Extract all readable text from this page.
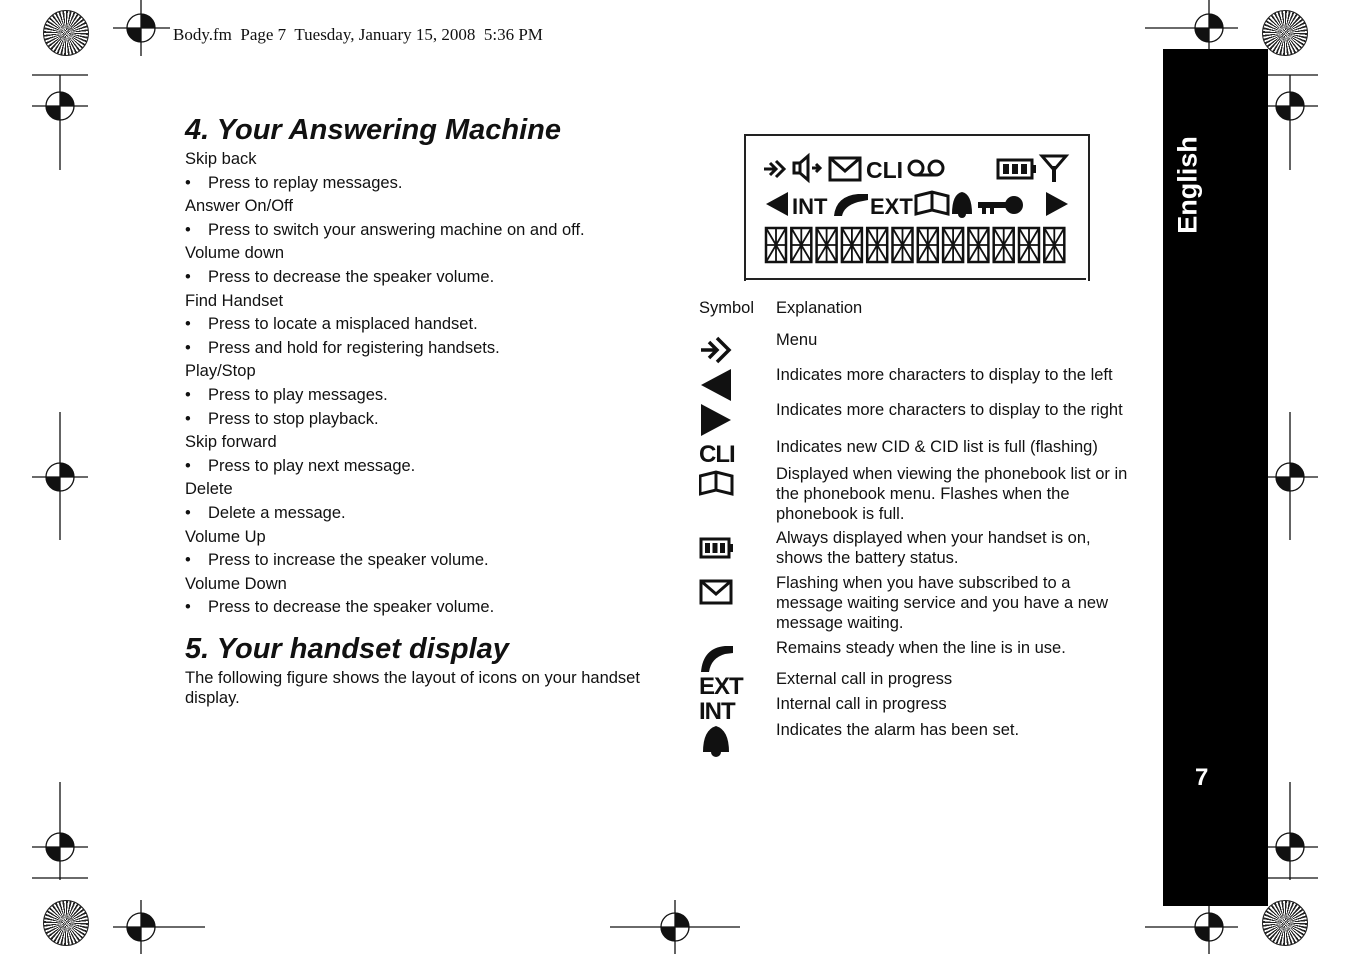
Body.fm  Page 7  Tuesday, January 15, 2008  5:36 PM
English
7
4. Your Answering Machine

Skip back

• Press to replay messages.

Answer On/Off

• Press to switch your answering machine on and off.

Volume down

• Press to decrease the speaker volume.

Find Handset

• Press to locate a misplaced handset.

• Press and hold for registering handsets.

Play/Stop

• Press to play messages.

• Press to stop playback.

Skip forward

• Press to play next message.

Delete

• Delete a message.

Volume Up

• Press to increase the speaker volume.

Volume Down

• Press to decrease the speaker volume.

5. Your handset display
The following figure shows the layout of icons on your handset display.
CLI
INT EXT
Symbol Explanation
Menu
Indicates more characters to display to the left
Indicates more characters to display to the right
CLI	Indicates new CID & CID list is full (flashing)
Displayed when viewing the phonebook list or in the phonebook menu. Flashes when the phonebook is full.
Always displayed when your handset is on, shows the battery status.
Flashing when you have subscribed to a message waiting service and you have a new message waiting.
Remains steady when the line is in use.
EXT External call in progress
INT	Internal call in progress
Indicates the alarm has been set.
